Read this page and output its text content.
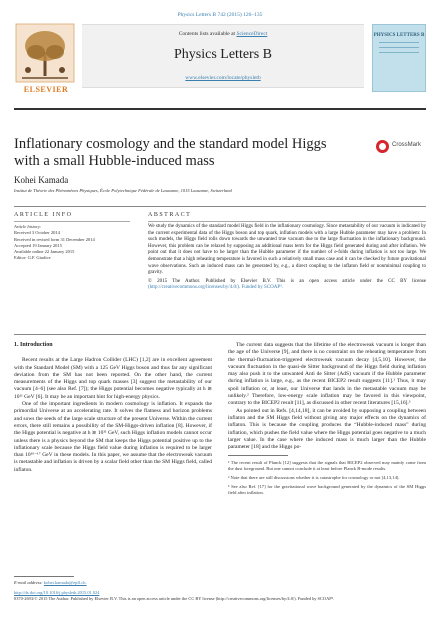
Physics Letters B 742 (2015) 126–135
ELSEVIER
Contents lists available at ScienceDirect
Physics Letters B
www.elsevier.com/locate/physletb
PHYSICS LETTERS B
Inflationary cosmology and the standard model Higgs with a small Hubble-induced mass
CrossMark
Kohei Kamada
Institut de Théorie des Phénomènes Physiques, École Polytechnique Fédérale de Lausanne, 1015 Lausanne, Switzerland
ARTICLE INFO	ABSTRACT
Article history:
Received 3 October 2014
Received in revised form 31 December 2014
Accepted 19 January 2015
Available online 22 January 2015
Editor: G.F. Giudice
We study the dynamics of the standard model Higgs field in the inflationary cosmology. Since metastability of our vacuum is indicated by the current experimental data of the Higgs boson and top quark, inflation models with a large Hubble parameter may have a problem: In such models, the Higgs field rolls down towards the unwanted true vacuum due to the large fluctuation in the inflationary background. However, this problem can be relaxed by supposing an additional mass term for the Higgs field generated during and after inflation. We point out that it does not have to be larger than the Hubble parameter if the number of e-folds during inflation is not too large. We demonstrate that a high reheating temperature is favored in such a relatively small mass case and it can be checked by future gravitational wave observations. Such an induced mass can be generated by, e.g., a direct coupling to the inflaton field or nonminimal coupling to gravity.
© 2015 The Author. Published by Elsevier B.V. This is an open access article under the CC BY license (http://creativecommons.org/licenses/by/4.0/). Funded by SCOAP³.
1. Introduction

Recent results at the Large Hadron Collider (LHC) [1,2] are in excellent agreement with the Standard Model (SM) with a 125 GeV Higgs boson and thus far any significant deviation from the SM has not been reported. On the other hand, the current measurements of the Higgs and top quark masses [3] suggest the metastability of our vacuum [4–6] (see also Ref. [7]); the Higgs potential becomes negative typically at h ≳ 10¹¹ GeV [6]. It may be an important hint for high-energy physics.

One of the important ingredients in modern cosmology is inflation. It expands the primordial Universe at an accelerating rate. It solves the flatness and horizon problems and sows the seeds of the large scale structure of the present Universe. Within the current errors, there still remains a possibility of the SM-Higgs-driven inflation [8]. However, if the Higgs potential is negative at h ≳ 10¹¹ GeV, such Higgs inflation models cannot occur unless there is a physics beyond the SM that keeps the Higgs potential positive up to the inflationary scale because the Higgs field value during inflation is required to be larger than 10¹⁶⁻¹⁷ GeV in these models. In this paper, we assume that the electroweak vacuum is metastable and inflation is driven by a scalar field other than the SM Higgs field, called inflaton.

The current data suggests that the lifetime of the electroweak vacuum is longer than the age of the Universe [9], and there is no constraint on the reheating temperature from the thermal-fluctuation-triggered electroweak vacuum decay [4,5,10]. However, the vacuum fluctuation in the quasi-de Sitter background of the Higgs field during inflation may also push it to the unwanted Anti de Sitter (AdS) vacuum if the Hubble parameter during inflation is large, e.g., as the recent BICEP2 result suggests [11].¹ Thus, it may spoil inflation or, at least, our Universe that lands in the metastable vacuum may be unlikely.² Therefore, low-energy scale inflation may be favored in this viewpoint, contrary to the BICEP2 result [11], as discussed in other recent literatures [15,16].³

As pointed out in Refs. [4,14,18], it can be avoided by supposing a coupling between inflaton and the SM Higgs field without giving any major effects on the dynamics of inflaton. This is because the coupling produces the “Hubble-induced mass” during inflation, which pushes the field value where the Higgs potential goes negative to a much larger value. In the case where the induced mass is much larger than the Hubble parameter [18] and the Higgs po-

¹ The recent result of Planck [12] suggests that the signals that BICEP2 observed may mainly come from the dust foreground. But one cannot conclude it at least before Planck B-mode results.
² Note that there are still discussions whether it is catastrophe for cosmology or not [4,13,14].
³ See also Ref. [17] for the gravitational wave background generated by the dynamics of the SM Higgs field after inflation.
E-mail address: kohei.kamada@epfl.ch.
http://dx.doi.org/10.1016/j.physletb.2015.01.024
0370-2693/© 2015 The Author. Published by Elsevier B.V. This is an open access article under the CC BY license (http://creativecommons.org/licenses/by/4.0/). Funded by SCOAP³.
